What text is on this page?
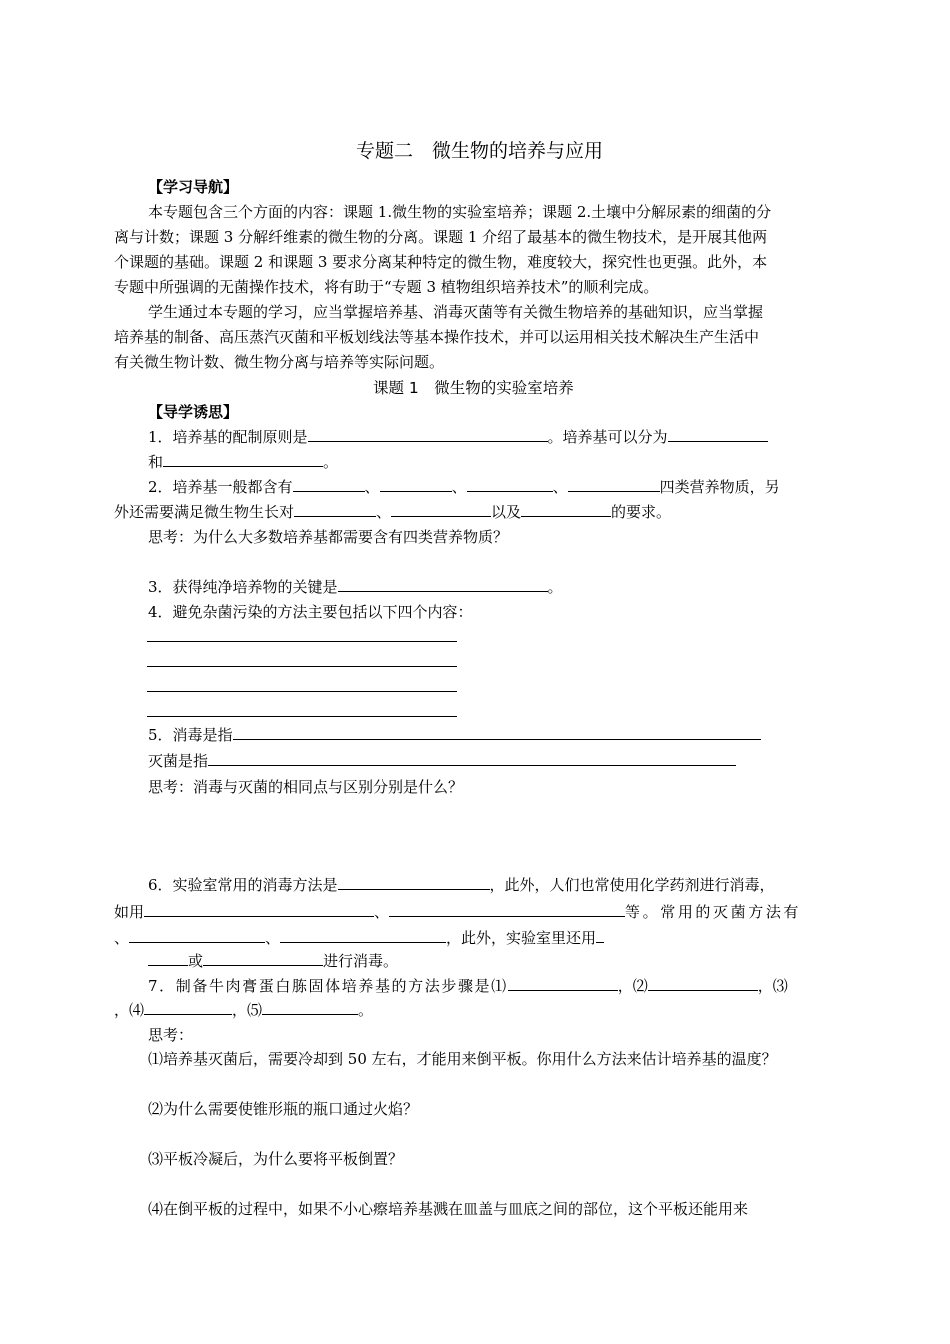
专题二　微生物的培养与应用
【学习导航】
本专题包含三个方面的内容：课题 1.微生物的实验室培养；课题 2.土壤中分解尿素的细菌的分
离与计数；课题 3 分解纤维素的微生物的分离。课题 1 介绍了最基本的微生物技术，是开展其他两
个课题的基础。课题 2 和课题 3 要求分离某种特定的微生物，难度较大，探究性也更强。此外，本
专题中所强调的无菌操作技术，将有助于“专题 3 植物组织培养技术”的顺利完成。
学生通过本专题的学习，应当掌握培养基、消毒灭菌等有关微生物培养的基础知识，应当掌握
培养基的制备、高压蒸汽灭菌和平板划线法等基本操作技术，并可以运用相关技术解决生产生活中
有关微生物计数、微生物分离与培养等实际问题。
课题 1　微生物的实验室培养
【导学诱思】
1．培养基的配制原则是	。培养基可以分为
和	。
2．培养基一般都含有	、	、	、	四类营养物质，另
外还需要满足微生物生长对	、	以及	的要求。
思考：为什么大多数培养基都需要含有四类营养物质？
3．获得纯净培养物的关键是	。
4．避免杂菌污染的方法主要包括以下四个内容：
5．消毒是指
灭菌是指
思考：消毒与灭菌的相同点与区别分别是什么？
6．实验室常用的消毒方法是	，此外，人们也常使用化学药剂进行消毒，
如用	、	等。常用的灭菌方法有
、	、	，此外，实验室里还用
或	进行消毒。
7．制备牛肉膏蛋白胨固体培养基的方法步骤是⑴	，⑵	，⑶
，⑷	，⑸	。
思考：
⑴培养基灭菌后，需要冷却到 50 左右，才能用来倒平板。你用什么方法来估计培养基的温度？
⑵为什么需要使锥形瓶的瓶口通过火焰？
⑶平板冷凝后，为什么要将平板倒置？
⑷在倒平板的过程中，如果不小心瘵培养基溅在皿盖与皿底之间的部位，这个平板还能用来
